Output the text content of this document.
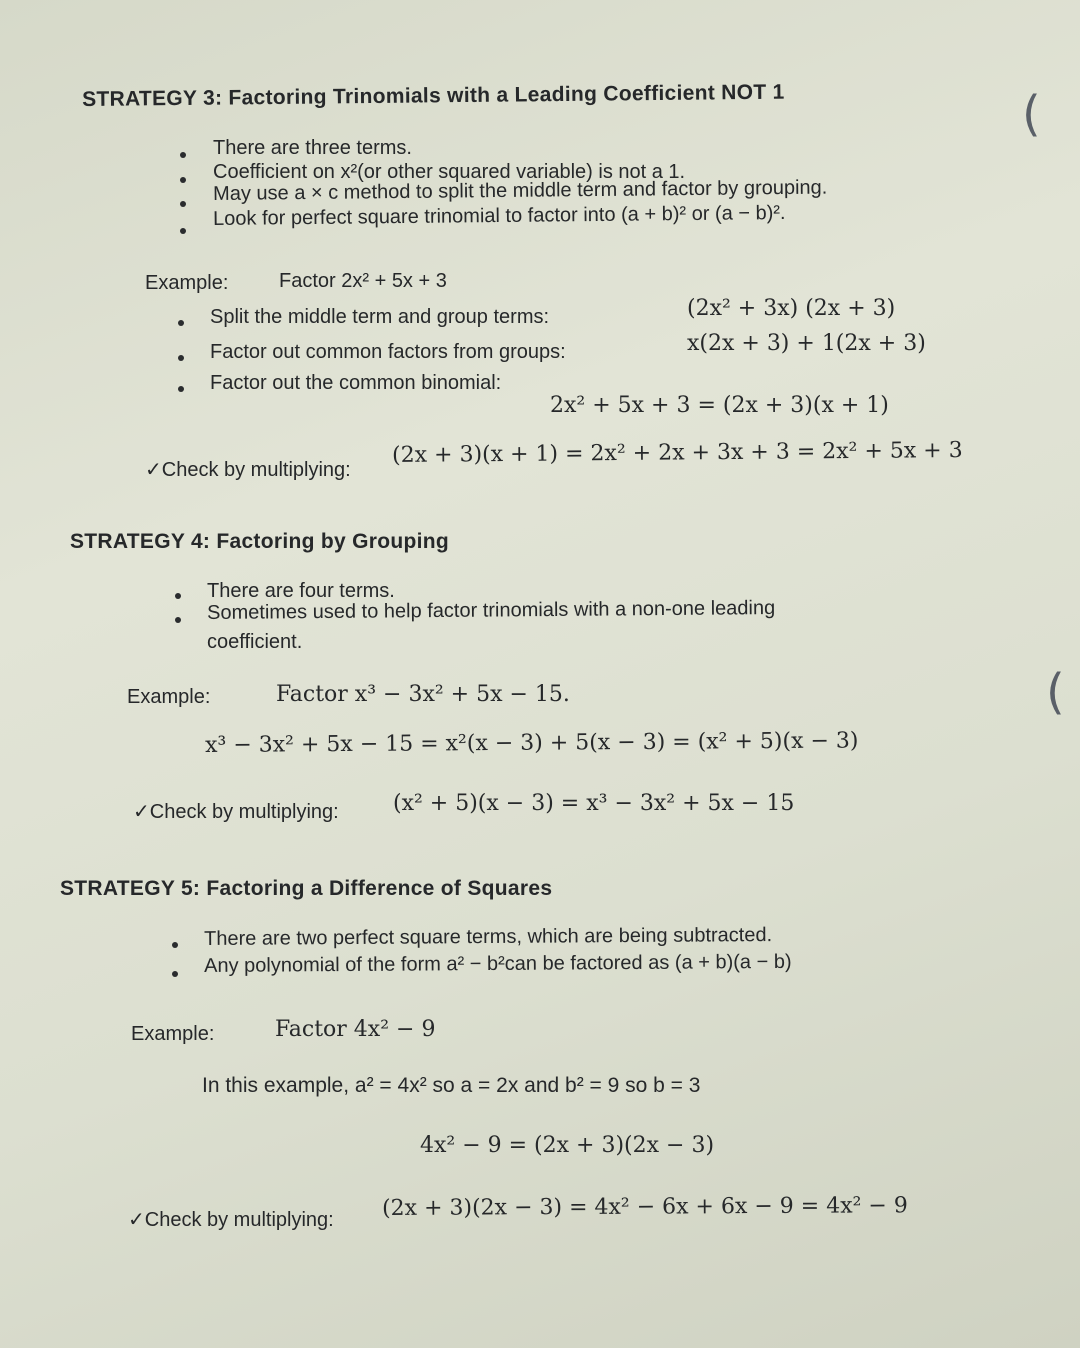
(
(
STRATEGY 3: Factoring Trinomials with a Leading Coefficient NOT 1
There are three terms.
Coefficient on x²(or other squared variable) is not a 1.
May use a × c method to split the middle term and factor by grouping.
Look for perfect square trinomial to factor into (a + b)² or (a − b)².
Example:	Factor 2x² + 5x + 3
Split the middle term and group terms:	(2x² + 3x) (2x + 3)
Factor out common factors from groups:	x(2x + 3) + 1(2x + 3)
Factor out the common binomial:
2x² + 5x + 3 = (2x + 3)(x + 1)
✓Check by multiplying:
(2x + 3)(x + 1) = 2x² + 2x + 3x + 3 = 2x² + 5x + 3
STRATEGY 4: Factoring by Grouping
There are four terms.
Sometimes used to help factor trinomials with a non-one leading
coefficient.
Example:	Factor x³ − 3x² + 5x − 15.
x³ − 3x² + 5x − 15 = x²(x − 3) + 5(x − 3) = (x² + 5)(x − 3)
✓Check by multiplying: (x² + 5)(x − 3) = x³ − 3x² + 5x − 15
STRATEGY 5: Factoring a Difference of Squares
There are two perfect square terms, which are being subtracted.
Any polynomial of the form a² − b²can be factored as (a + b)(a − b)
Example:	Factor 4x² − 9
In this example, a² = 4x² so a = 2x and b² = 9 so b = 3
4x² − 9 = (2x + 3)(2x − 3)
✓Check by multiplying: (2x + 3)(2x − 3) = 4x² − 6x + 6x − 9 = 4x² − 9
